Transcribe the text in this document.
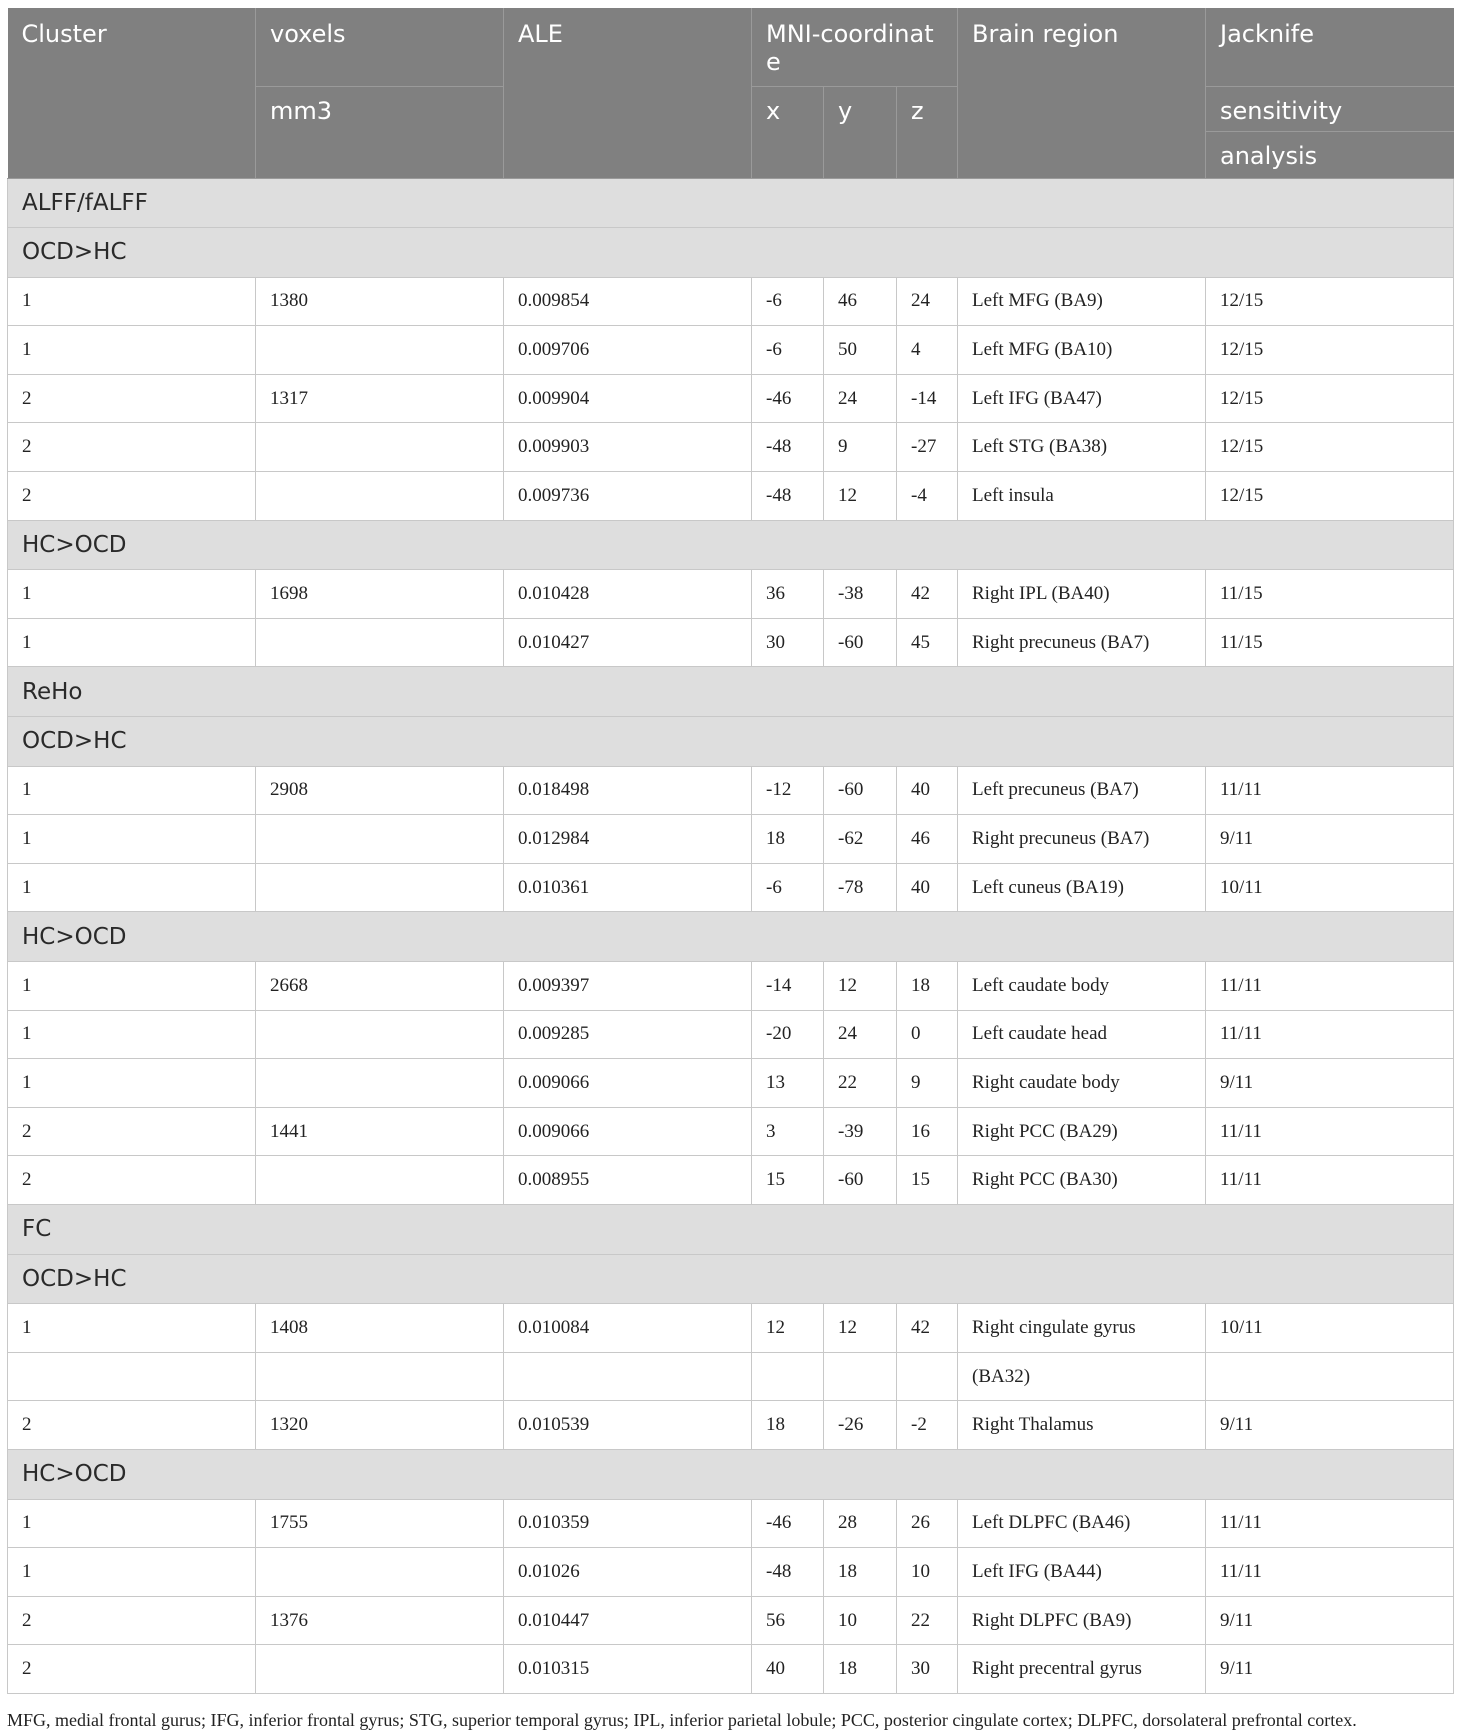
Cluster	voxels	ALE	MNI-coordinate			Brain region	Jacknife
	mm3		x	y	z		sensitivity
							analysis
ALFF/fALFF							
OCD>HC							
1	1380	0.009854	-6	46	24	Left MFG (BA9)	12/15
1		0.009706	-6	50	4	Left MFG (BA10)	12/15
2	1317	0.009904	-46	24	-14	Left IFG (BA47)	12/15
2		0.009903	-48	9	-27	Left STG (BA38)	12/15
2		0.009736	-48	12	-4	Left insula	12/15
HC>OCD							
1	1698	0.010428	36	-38	42	Right IPL (BA40)	11/15
1		0.010427	30	-60	45	Right precuneus (BA7)	11/15
ReHo							
OCD>HC							
1	2908	0.018498	-12	-60	40	Left precuneus (BA7)	11/11
1		0.012984	18	-62	46	Right precuneus (BA7)	9/11
1		0.010361	-6	-78	40	Left cuneus (BA19)	10/11
HC>OCD							
1	2668	0.009397	-14	12	18	Left caudate body	11/11
1		0.009285	-20	24	0	Left caudate head	11/11
1		0.009066	13	22	9	Right caudate body	9/11
2	1441	0.009066	3	-39	16	Right PCC (BA29)	11/11
2		0.008955	15	-60	15	Right PCC (BA30)	11/11
FC							
OCD>HC							
1	1408	0.010084	12	12	42	Right cingulate gyrus	10/11
						(BA32)	
2	1320	0.010539	18	-26	-2	Right Thalamus	9/11
HC>OCD							
1	1755	0.010359	-46	28	26	Left DLPFC (BA46)	11/11
1		0.01026	-48	18	10	Left IFG (BA44)	11/11
2	1376	0.010447	56	10	22	Right DLPFC (BA9)	9/11
2		0.010315	40	18	30	Right precentral gyrus	9/11
MFG, medial frontal gurus; IFG, inferior frontal gyrus; STG, superior temporal gyrus; IPL, inferior parietal lobule; PCC, posterior cingulate cortex; DLPFC, dorsolateral prefrontal cortex.
